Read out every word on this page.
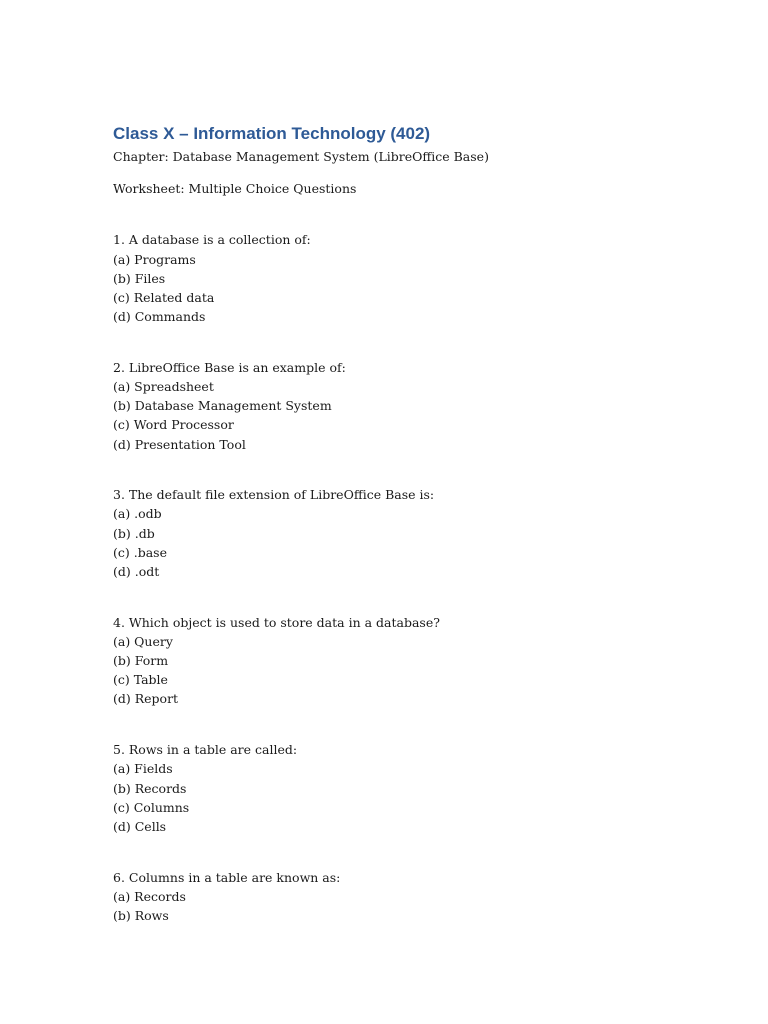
Class X – Information Technology (402)

Chapter: Database Management System (LibreOffice Base)

Worksheet: Multiple Choice Questions

1. A database is a collection of:

(a) Programs
(b) Files
(c) Related data
(d) Commands

2. LibreOffice Base is an example of:

(a) Spreadsheet
(b) Database Management System
(c) Word Processor
(d) Presentation Tool

3. The default file extension of LibreOffice Base is:

(a) .odb
(b) .db
(c) .base
(d) .odt

4. Which object is used to store data in a database?

(a) Query
(b) Form
(c) Table
(d) Report

5. Rows in a table are called:

(a) Fields
(b) Records
(c) Columns
(d) Cells

6. Columns in a table are known as:

(a) Records
(b) Rows
